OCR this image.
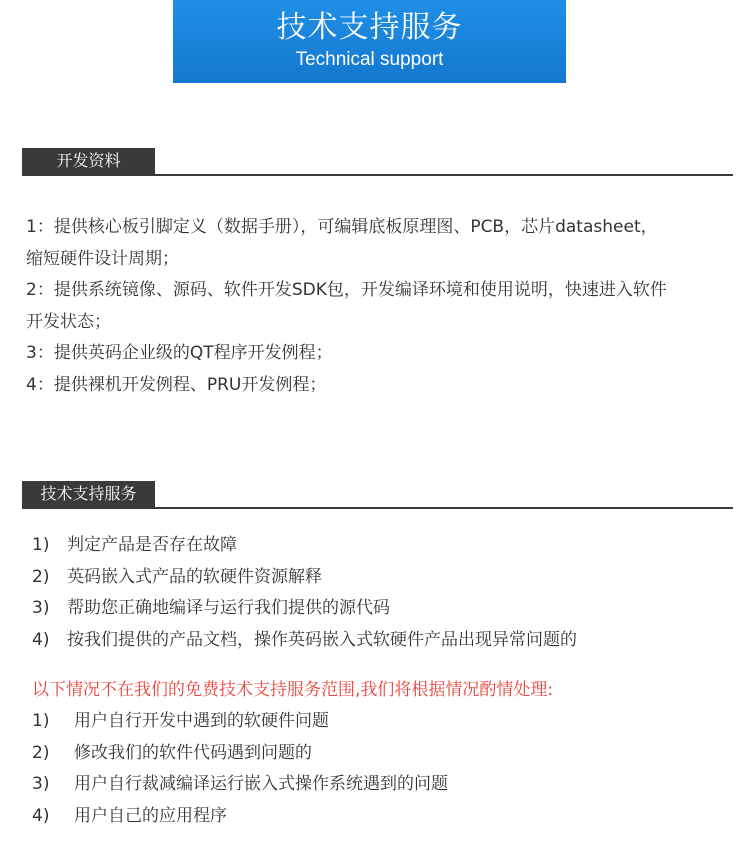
技术支持服务
Technical support
开发资料
1：提供核心板引脚定义（数据手册），可编辑底板原理图、PCB，芯片datasheet，
缩短硬件设计周期；
2：提供系统镜像、源码、软件开发SDK包，开发编译环境和使用说明，快速进入软件
开发状态；
3：提供英码企业级的QT程序开发例程；
4：提供裸机开发例程、PRU开发例程；
技术支持服务
1) 判定产品是否存在故障
2) 英码嵌入式产品的软硬件资源解释
3) 帮助您正确地编译与运行我们提供的源代码
4) 按我们提供的产品文档，操作英码嵌入式软硬件产品出现异常问题的
以下情况不在我们的免费技术支持服务范围,我们将根据情况酌情处理:
1) 用户自行开发中遇到的软硬件问题
2) 修改我们的软件代码遇到问题的
3) 用户自行裁减编译运行嵌入式操作系统遇到的问题
4) 用户自己的应用程序
